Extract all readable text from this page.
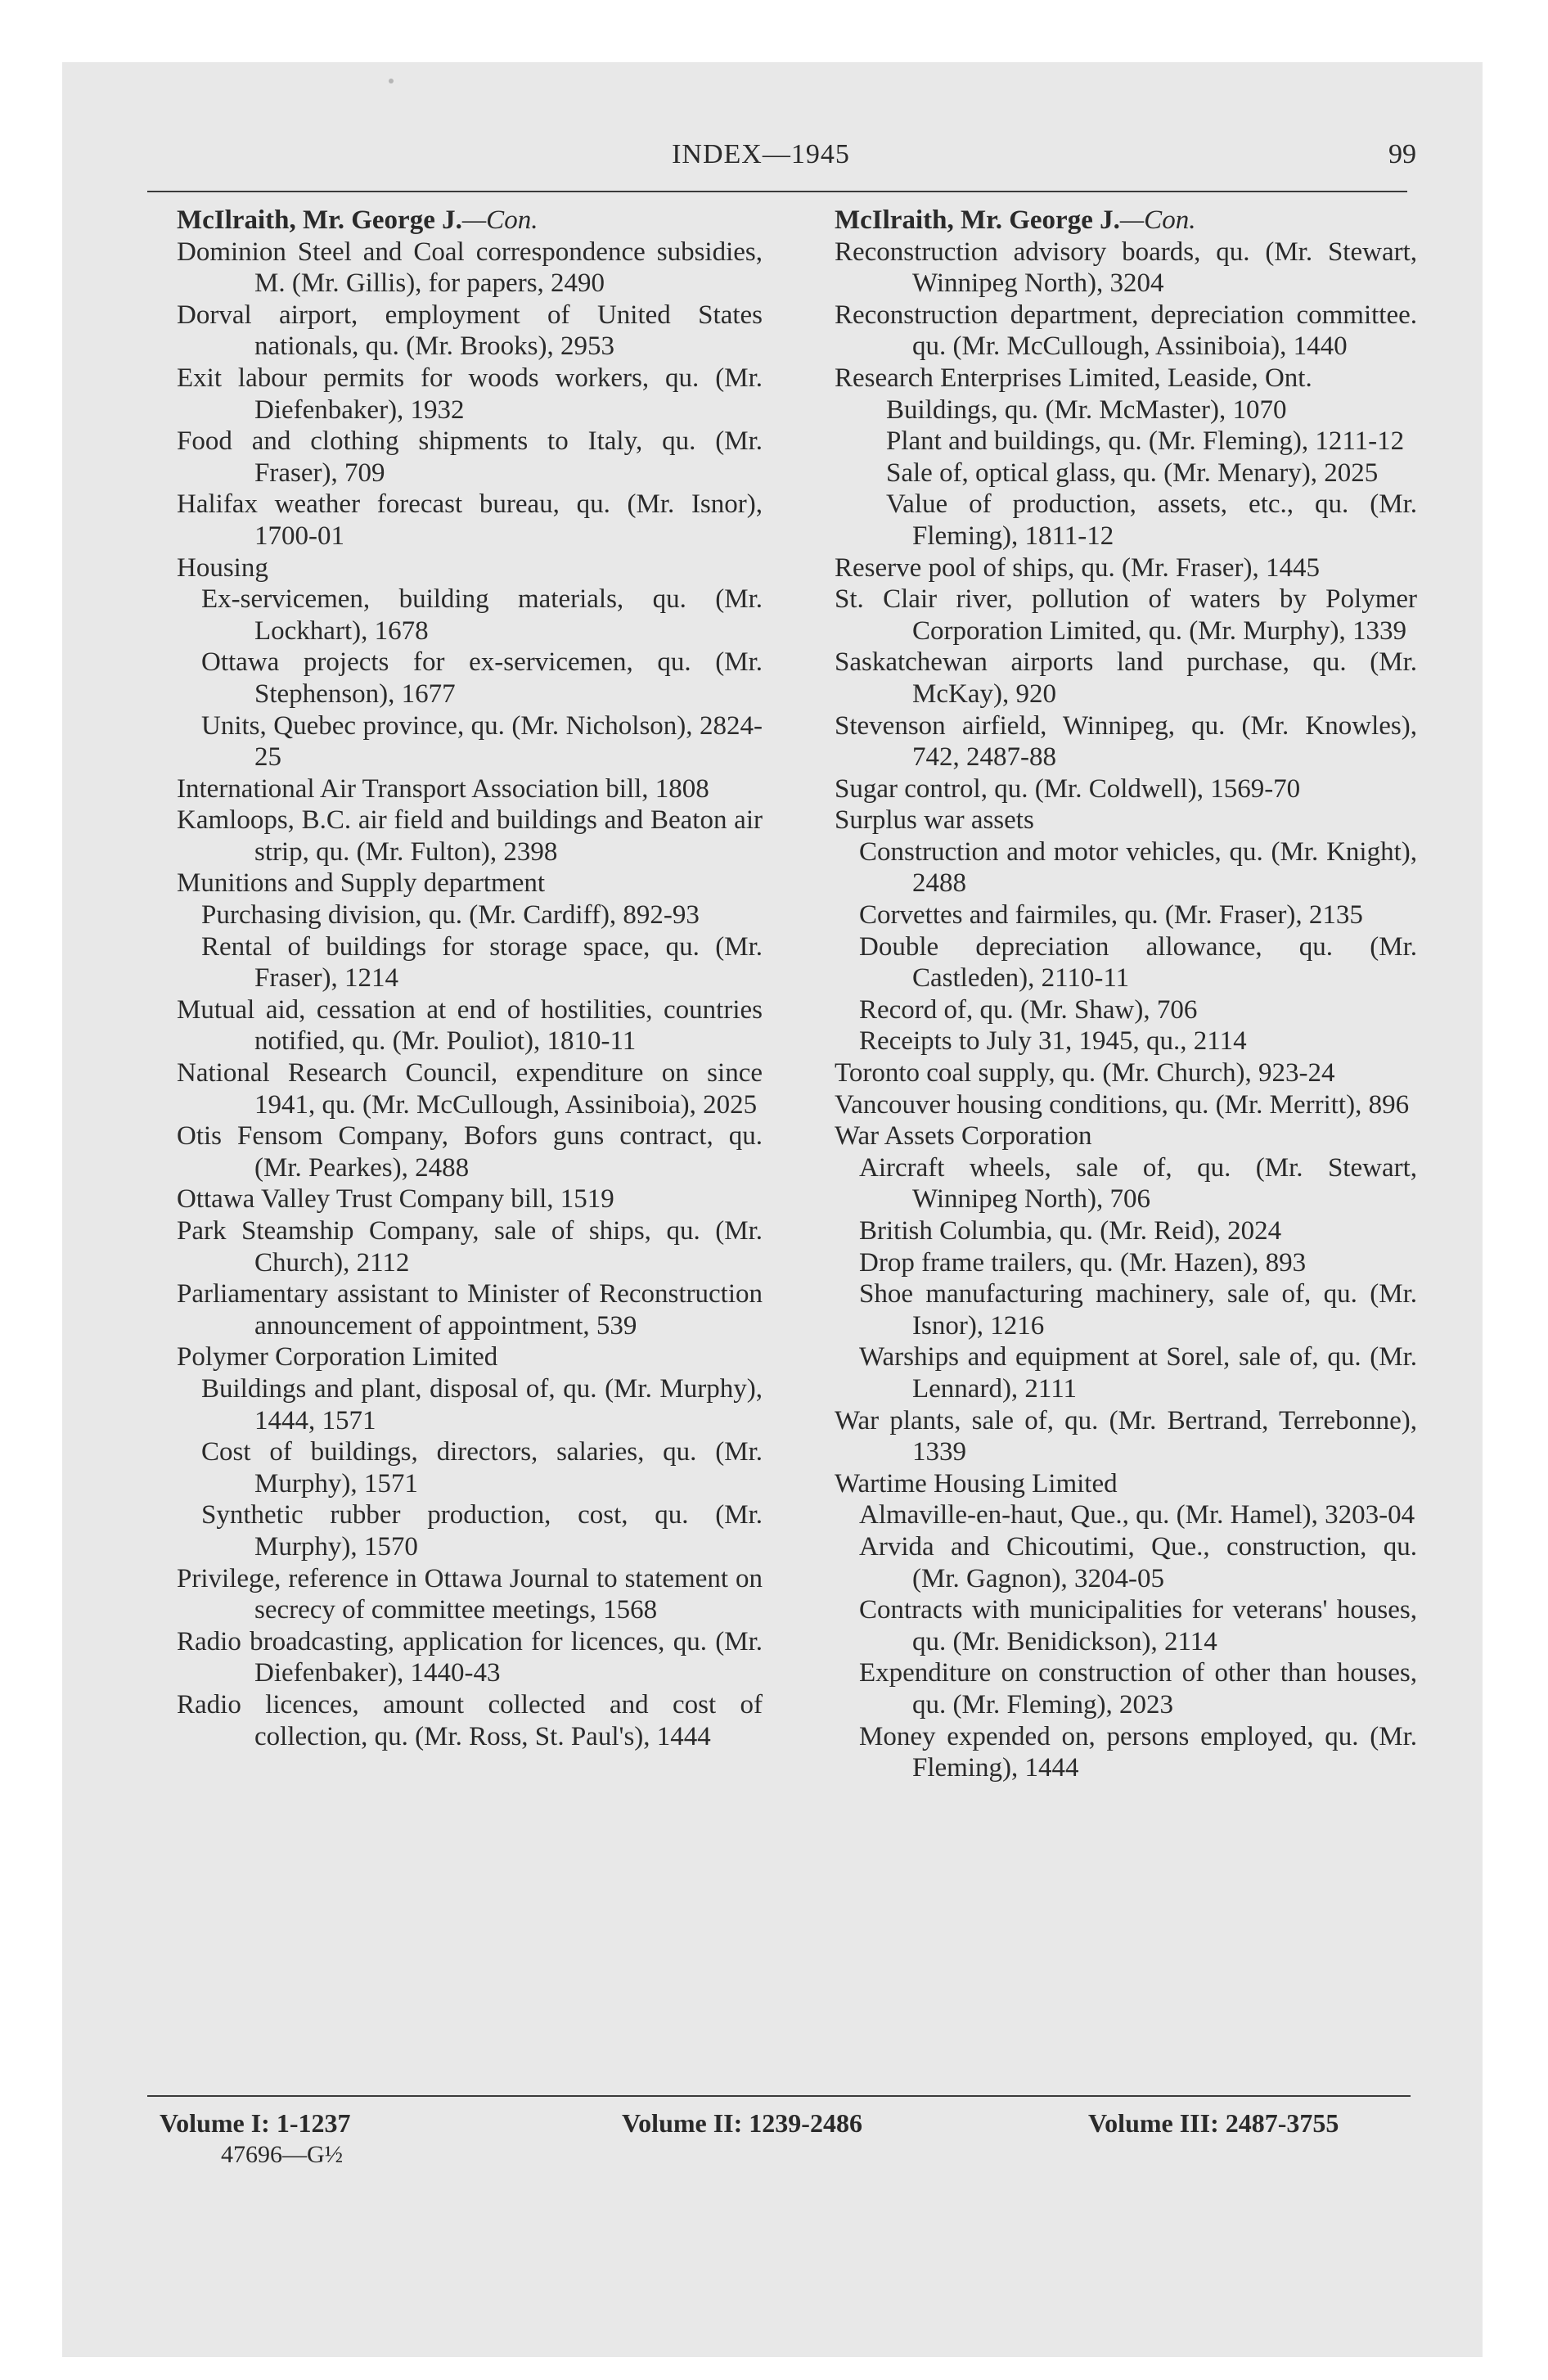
INDEX—1945	99
McIlraith, Mr. George J.—Con.

Dominion Steel and Coal correspondence subsidies, M. (Mr. Gillis), for papers, 2490

Dorval airport, employment of United States nationals, qu. (Mr. Brooks), 2953

Exit labour permits for woods workers, qu. (Mr. Diefenbaker), 1932

Food and clothing shipments to Italy, qu. (Mr. Fraser), 709

Halifax weather forecast bureau, qu. (Mr. Isnor), 1700-01

Housing

Ex-servicemen, building materials, qu. (Mr. Lockhart), 1678

Ottawa projects for ex-servicemen, qu. (Mr. Stephenson), 1677

Units, Quebec province, qu. (Mr. Nicholson), 2824-25

International Air Transport Association bill, 1808

Kamloops, B.C. air field and buildings and Beaton air strip, qu. (Mr. Fulton), 2398

Munitions and Supply department

Purchasing division, qu. (Mr. Cardiff), 892-93

Rental of buildings for storage space, qu. (Mr. Fraser), 1214

Mutual aid, cessation at end of hostilities, countries notified, qu. (Mr. Pouliot), 1810-11

National Research Council, expenditure on since 1941, qu. (Mr. McCullough, Assiniboia), 2025

Otis Fensom Company, Bofors guns contract, qu. (Mr. Pearkes), 2488

Ottawa Valley Trust Company bill, 1519

Park Steamship Company, sale of ships, qu. (Mr. Church), 2112

Parliamentary assistant to Minister of Reconstruction announcement of appointment, 539

Polymer Corporation Limited

Buildings and plant, disposal of, qu. (Mr. Murphy), 1444, 1571

Cost of buildings, directors, salaries, qu. (Mr. Murphy), 1571

Synthetic rubber production, cost, qu. (Mr. Murphy), 1570

Privilege, reference in Ottawa Journal to statement on secrecy of committee meetings, 1568

Radio broadcasting, application for licences, qu. (Mr. Diefenbaker), 1440-43

Radio licences, amount collected and cost of collection, qu. (Mr. Ross, St. Paul's), 1444

McIlraith, Mr. George J.—Con.

Reconstruction advisory boards, qu. (Mr. Stewart, Winnipeg North), 3204

Reconstruction department, depreciation committee. qu. (Mr. McCullough, Assiniboia), 1440

Research Enterprises Limited, Leaside, Ont.

Buildings, qu. (Mr. McMaster), 1070

Plant and buildings, qu. (Mr. Fleming), 1211-12

Sale of, optical glass, qu. (Mr. Menary), 2025

Value of production, assets, etc., qu. (Mr. Fleming), 1811-12

Reserve pool of ships, qu. (Mr. Fraser), 1445

St. Clair river, pollution of waters by Polymer Corporation Limited, qu. (Mr. Murphy), 1339

Saskatchewan airports land purchase, qu. (Mr. McKay), 920

Stevenson airfield, Winnipeg, qu. (Mr. Knowles), 742, 2487-88

Sugar control, qu. (Mr. Coldwell), 1569-70

Surplus war assets

Construction and motor vehicles, qu. (Mr. Knight), 2488

Corvettes and fairmiles, qu. (Mr. Fraser), 2135

Double depreciation allowance, qu. (Mr. Castleden), 2110-11

Record of, qu. (Mr. Shaw), 706

Receipts to July 31, 1945, qu., 2114

Toronto coal supply, qu. (Mr. Church), 923-24

Vancouver housing conditions, qu. (Mr. Merritt), 896

War Assets Corporation

Aircraft wheels, sale of, qu. (Mr. Stewart, Winnipeg North), 706

British Columbia, qu. (Mr. Reid), 2024

Drop frame trailers, qu. (Mr. Hazen), 893

Shoe manufacturing machinery, sale of, qu. (Mr. Isnor), 1216

Warships and equipment at Sorel, sale of, qu. (Mr. Lennard), 2111

War plants, sale of, qu. (Mr. Bertrand, Terrebonne), 1339

Wartime Housing Limited

Almaville-en-haut, Que., qu. (Mr. Hamel), 3203-04

Arvida and Chicoutimi, Que., construction, qu. (Mr. Gagnon), 3204-05

Contracts with municipalities for veterans' houses, qu. (Mr. Benidickson), 2114

Expenditure on construction of other than houses, qu. (Mr. Fleming), 2023

Money expended on, persons employed, qu. (Mr. Fleming), 1444

Volume I: 1-1237	Volume II: 1239-2486	Volume III: 2487-3755
47696—G½
